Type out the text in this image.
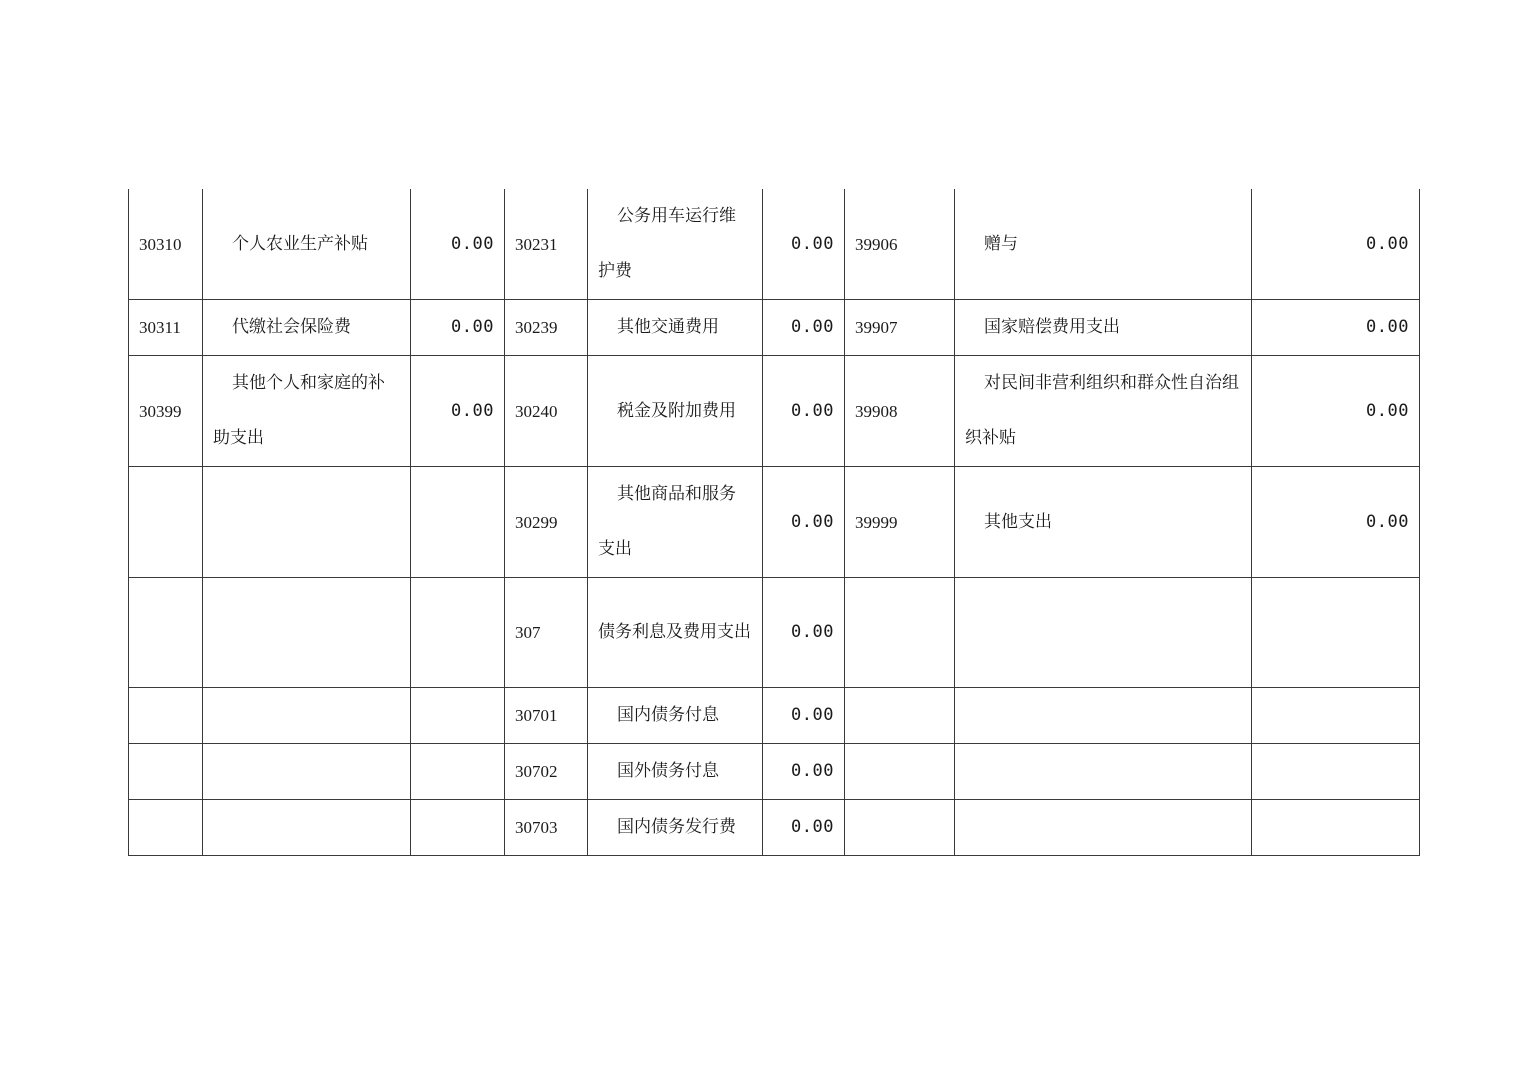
30310	个人农业生产补贴	0.00	30231	公务用车运行维护费	0.00	39906	赠与	0.00
30311	代缴社会保险费	0.00	30239	其他交通费用	0.00	39907	国家赔偿费用支出	0.00
30399	其他个人和家庭的补助支出	0.00	30240	税金及附加费用	0.00	39908	对民间非营利组织和群众性自治组织补贴	0.00
			30299	其他商品和服务支出	0.00	39999	其他支出	0.00
			307	债务利息及费用支出	0.00			
			30701	国内债务付息	0.00			
			30702	国外债务付息	0.00			
			30703	国内债务发行费	0.00			
